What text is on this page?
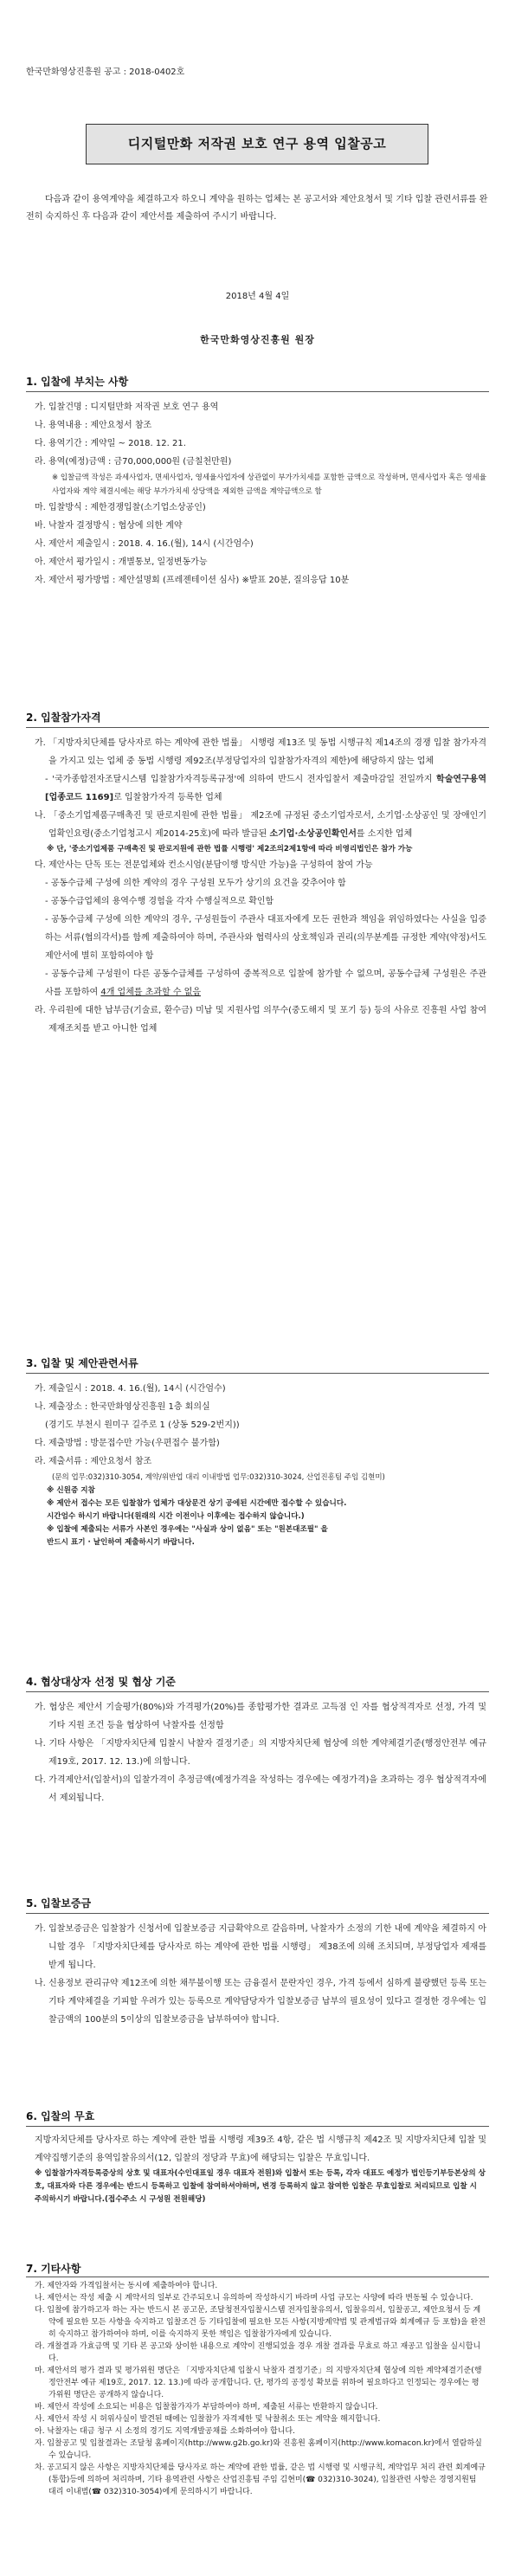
한국만화영상진흥원 공고 : 2018-0402호
디지털만화 저작권 보호 연구 용역 입찰공고
다음과 같이 용역계약을 체결하고자 하오니 계약을 원하는 업체는 본 공고서와 제안요청서 및 기타 입찰 관련서류를 완전히 숙지하신 후 다음과 같이 제안서를 제출하여 주시기 바랍니다.
2018년 4월 4일
한국만화영상진흥원 원장
1. 입찰에 부치는 사항
가. 입찰건명 : 디지털만화 저작권 보호 연구 용역
나. 용역내용 : 제안요청서 참조
다. 용역기간 : 계약일 ~ 2018. 12. 21.
라. 용역(예정)금액 : 금70,000,000원 (금칠천만원)
※ 입찰금액 작성은 과세사업자, 면세사업자, 영세율사업자에 상관없이 부가가치세를 포함한 금액으로 작성하며, 면세사업자 혹은 영세율사업자와 계약 체결시에는 해당 부가가치세 상당액을 제외한 금액을 계약금액으로 함
마. 입찰방식 : 제한경쟁입찰(소기업소상공인)
바. 낙찰자 결정방식 : 협상에 의한 계약
사. 제안서 제출일시 : 2018. 4. 16.(월), 14시 (시간엄수)
아. 제안서 평가일시 : 개별통보, 일정변동가능
자. 제안서 평가방법 : 제안설명회 (프레젠테이션 심사) ※발표 20분, 질의응답 10분
2. 입찰참가자격
가. 「지방자치단체를 당사자로 하는 계약에 관한 법률」 시행령 제13조 및 동법 시행규칙 제14조의 경쟁 입찰 참가자격을 가지고 있는 업체 중 동법 시행령 제92조(부정당업자의 입찰참가자격의 제한)에 해당하지 않는 업체
- '국가종합전자조달시스템 입찰참가자격등록규정'에 의하여 반드시 전자입찰서 제출마감일 전일까지 학술연구용역[업종코드 1169]로 입찰참가자격 등록한 업체
나. 「중소기업제품구매촉진 및 판로지원에 관한 법률」 제2조에 규정된 중소기업자로서, 소기업·소상공인 및 장애인기업확인요령(중소기업청고시 제2014-25호)에 따라 발급된 소기업·소상공인확인서를 소지한 업체
※ 단, '중소기업제품 구매촉진 및 판로지원에 관한 법률 시행령' 제2조의2제1항에 따라 비영리법인은 참가 가능
다. 제안사는 단독 또는 전문업체와 컨소시엄(분담이행 방식만 가능)을 구성하여 참여 가능
- 공동수급체 구성에 의한 계약의 경우 구성원 모두가 상기의 요건을 갖추어야 함
- 공동수급업체의 용역수행 경험을 각자 수행실적으로 확인함
- 공동수급체 구성에 의한 계약의 경우, 구성원들이 주관사 대표자에게 모든 권한과 책임을 위임하였다는 사실을 입증하는 서류(협의각서)를 함께 제출하여야 하며, 주관사와 협력사의 상호책임과 권리(의무분계를 규정한 계약(약정)서도 제안서에 별히 포함하여야 함
- 공동수급체 구성원이 다른 공동수급체를 구성하여 중복적으로 입찰에 참가할 수 없으며, 공동수급체 구성원은 주관사를 포함하여 4개 업체를 초과할 수 없음
라. 우리원에 대한 납부금(기술료, 환수금) 미납 및 지원사업 의무수(중도해지 및 포기 등) 등의 사유로 진흥원 사업 참여 제재조치를 받고 아니한 업체
3. 입찰 및 제안관련서류
가. 제출일시 : 2018. 4. 16.(월), 14시 (시간엄수)
나. 제출장소 : 한국만화영상진흥원 1층 회의실
(경기도 부천시 원미구 길주로 1 (상동 529-2번지))
다. 제출방법 : 방문접수만 가능(우편접수 불가함)
라. 제출서류 : 제안요청서 참조
(문의 업무:032)310-3054, 계약/위반업 대리 이내방법 업무:032)310-3024, 산업진흥팀 주임 김현미)
※ 신원증 지참
※ 제안서 접수는 모든 입찰참가 업체가 대상문건 상기 공에된 시간에만 접수할 수 있습니다.
시간엄수 하시기 바랍니다(원래의 시간 이전이나 이후에는 접수하지 않습니다.)
※ 입찰에 제출되는 서류가 사본인 경우에는 "사실과 상이 없음" 또는 "원본대조필" 을
반드시 표기 · 날인하여 제출하시기 바랍니다.
4. 협상대상자 선정 및 협상 기준
가. 협상은 제안서 기술평가(80%)와 가격평가(20%)를 종합평가한 결과로 고득점 인 자를 협상적격자로 선정, 가격 및 기타 지원 조건 등을 협상하여 낙찰자를 선정함
나. 기타 사항은 「지방자치단체 입찰시 낙찰자 결정기준」의 지방자치단체 협상에 의한 계약체결기준(행정안전부 예규 제19호, 2017. 12. 13.)에 의함니다.
다. 가격제안서(입찰서)의 입찰가격이 추정금액(예정가격을 작성하는 경우에는 예정가격)을 초과하는 경우 협상적격자에서 제외됩니다.
5. 입찰보증금
가. 입찰보증금은 입찰참가 신청서에 입찰보증금 지급확약으로 갈음하며, 낙찰자가 소정의 기한 내에 계약을 체결하지 아니할 경우 「지방자치단체를 당사자로 하는 계약에 관한 법률 시행령」 제38조에 의해 조치되며, 부정당업자 제재를 받게 됩니다.
나. 신용정보 관리규약 제12조에 의한 채무불이행 또는 금융질서 문란자인 경우, 가격 등에서 심하게 불량했던 등록 또는 기타 계약체결을 기피할 우려가 있는 등록으로 계약담당자가 입찰보증금 납부의 필요성이 있다고 결정한 경우에는 입찰금액의 100분의 5이상의 입찰보증금을 납부하여야 합니다.
6. 입찰의 무효
지방자치단체를 당사자로 하는 계약에 관한 법률 시행령 제39조 4항, 같은 법 시행규칙 제42조 및 지방자치단체 입찰 및 계약집행기준의 용역입찰유의서(12, 입찰의 정당과 무효)에 해당되는 입찰은 무효입니다.
※ 입찰참가자격등록증상의 상호 및 대표자(수인대표일 경우 대표자 전원)와 입찰서 또는 등록, 각자 대표도 예정가 법인등기부등본상의 상호, 대표자와 다른 경우에는 반드시 등록하고 입찰에 참여하셔야하며, 변경 등록하지 않고 참여한 입찰은 무효입찰로 처리되므로 입찰 시 주의하시기 바랍니다.(접수주소 시 구성원 전원해당)
7. 기타사항
가. 제안자와 가격입찰서는 동시에 제출하여야 합니다.
나. 제안서는 작성 제출 시 계약서의 일부로 간주되오니 유의하여 작성하시기 바라며 사업 규모는 사양에 따라 변동될 수 있습니다.
다. 입찰에 참가하고자 하는 자는 반드시 본 공고문, 조달청전자입찰시스템 전자입찰유의서, 입찰유의서, 입찰공고, 제안요청서 등 계약에 필요한 모든 사항을 숙지하고 입찰조건 등 기타입찰에 필요한 모든 사항(지방계약법 및 관계법규와 회계예규 등 포함)을 완전히 숙지하고 참가하여야 하며, 이를 숙지하지 못한 책임은 입찰참가자에게 있습니다.
라. 개찰결과 가효금액 및 기타 본 공고와 상이한 내용으로 계약이 진행되었을 경우 개찰 결과를 무효로 하고 재공고 입찰을 실시합니다.
마. 제안서의 평가 결과 및 평가위원 명단은 「지방자치단체 입찰시 낙찰자 결정기준」의 지방자치단체 협상에 의한 계약체결기준(행정안전부 예규 제19호, 2017. 12. 13.)에 따라 공개합니다. 단, 평가의 공정성 확보를 위하여 필요하다고 인정되는 경우에는 평가위원 명단은 공개하지 않습니다.
바. 제안서 작성에 소요되는 비용은 입찰참가자가 부담하여야 하며, 제출된 서류는 반환하지 않습니다.
사. 제안서 작성 시 허위사실이 발견된 때에는 입찰참가 자격제한 및 낙찰취소 또는 계약을 해지합니다.
아. 낙찰자는 대금 청구 시 소정의 경기도 지역개발공채를 소화하여야 합니다.
자. 입찰공고 및 입찰결과는 조달청 홈페이지(http://www.g2b.go.kr)와 진흥원 홈페이지(http://www.komacon.kr)에서 열람하실 수 있습니다.
차. 공고되지 않은 사항은 지방자치단체를 당사자로 하는 계약에 관한 법률, 같은 법 시행령 및 시행규칙, 계약업무 처리 관련 회계예규(통합)등에 의하여 처리하며, 기타 용역관련 사항은 산업진흥팀 주임 김현미(☎ 032)310-3024), 입찰관련 사항은 경영지원팀 대리 이내범(☎ 032)310-3054)에게 문의하시기 바랍니다.
